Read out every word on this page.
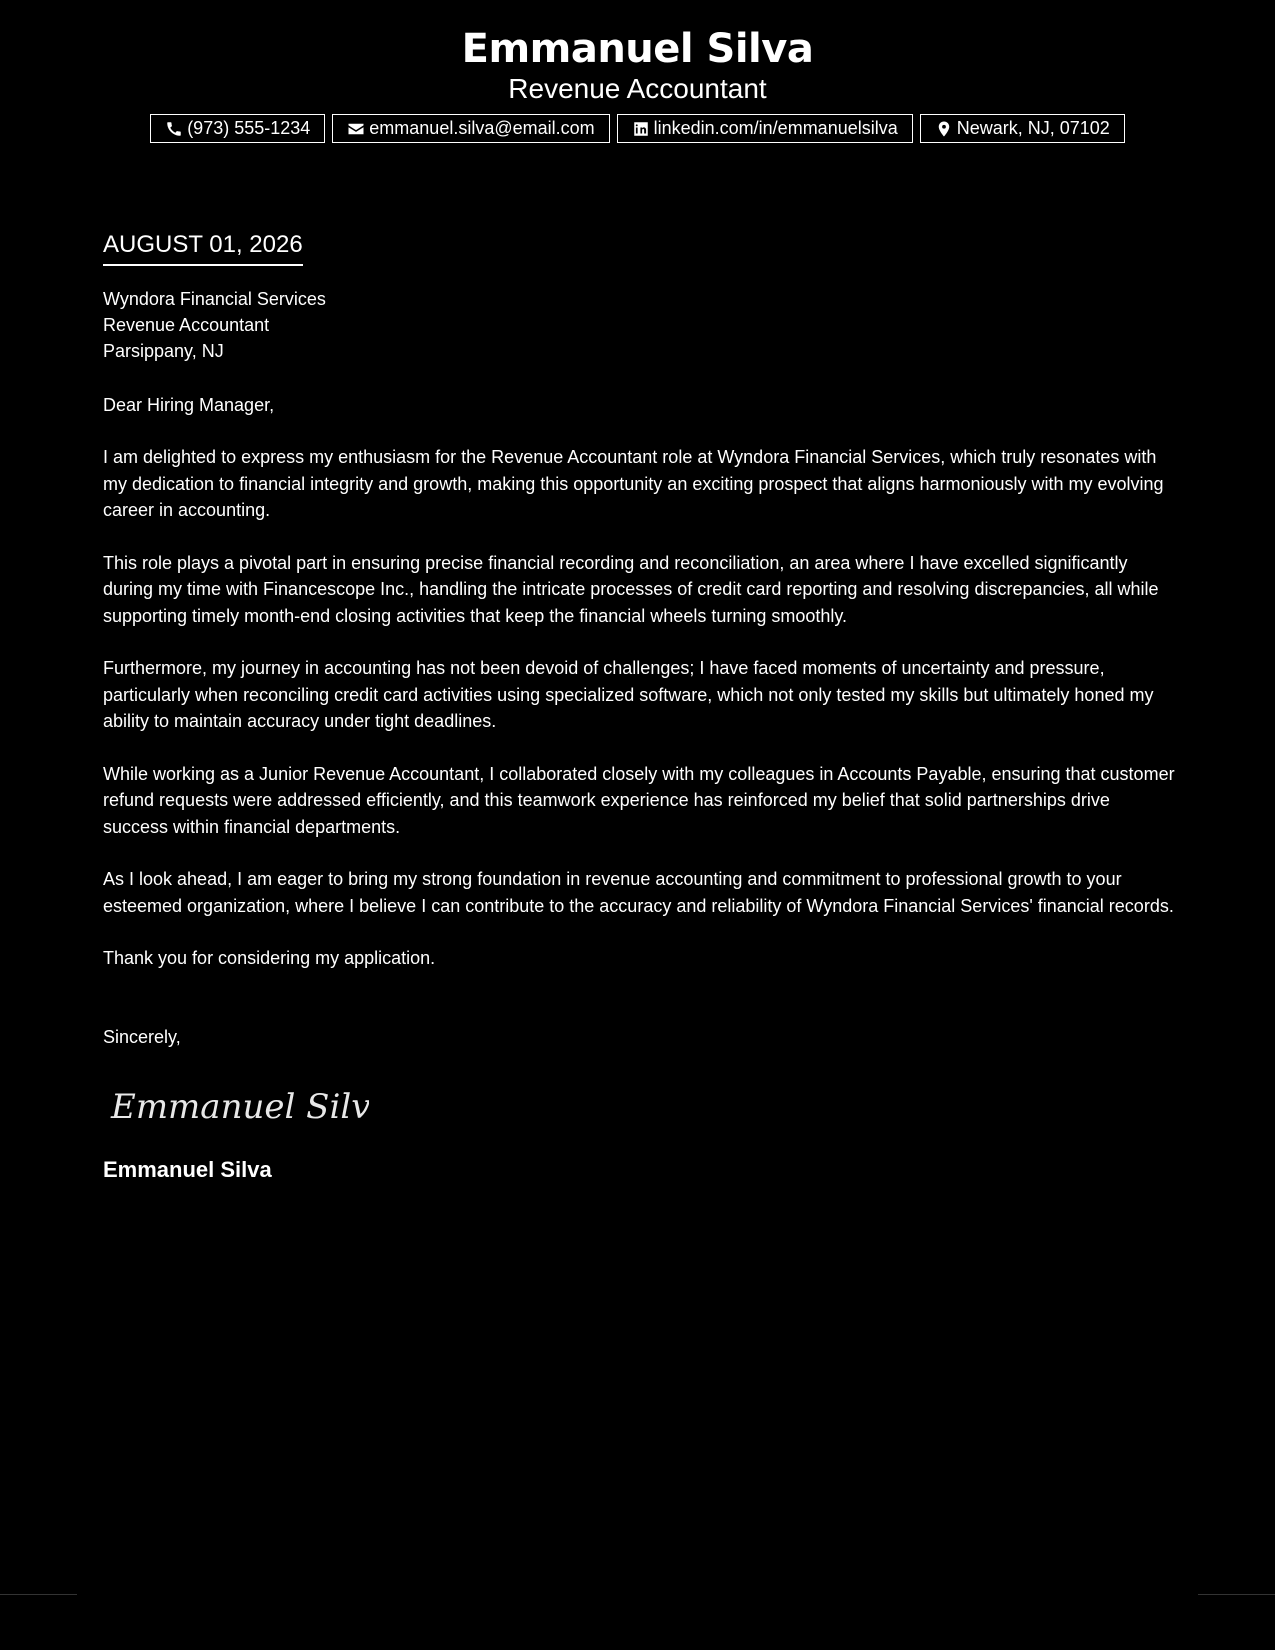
Emmanuel Silva
Revenue Accountant
(973) 555-1234	emmanuel.silva@email.com	linkedin.com/in/emmanuelsilva	Newark, NJ, 07102
AUGUST 01, 2026
Wyndora Financial Services
Revenue Accountant
Parsippany, NJ
Dear Hiring Manager,

I am delighted to express my enthusiasm for the Revenue Accountant role at Wyndora Financial Services, which truly resonates with my dedication to financial integrity and growth, making this opportunity an exciting prospect that aligns harmoniously with my evolving career in accounting.

This role plays a pivotal part in ensuring precise financial recording and reconciliation, an area where I have excelled significantly during my time with Financescope Inc., handling the intricate processes of credit card reporting and resolving discrepancies, all while supporting timely month-end closing activities that keep the financial wheels turning smoothly.

Furthermore, my journey in accounting has not been devoid of challenges; I have faced moments of uncertainty and pressure, particularly when reconciling credit card activities using specialized software, which not only tested my skills but ultimately honed my ability to maintain accuracy under tight deadlines.

While working as a Junior Revenue Accountant, I collaborated closely with my colleagues in Accounts Payable, ensuring that customer refund requests were addressed efficiently, and this teamwork experience has reinforced my belief that solid partnerships drive success within financial departments.

As I look ahead, I am eager to bring my strong foundation in revenue accounting and commitment to professional growth to your esteemed organization, where I believe I can contribute to the accuracy and reliability of Wyndora Financial Services' financial records.

Thank you for considering my application.

Sincerely,
Emmanuel Silva
Emmanuel Silva
